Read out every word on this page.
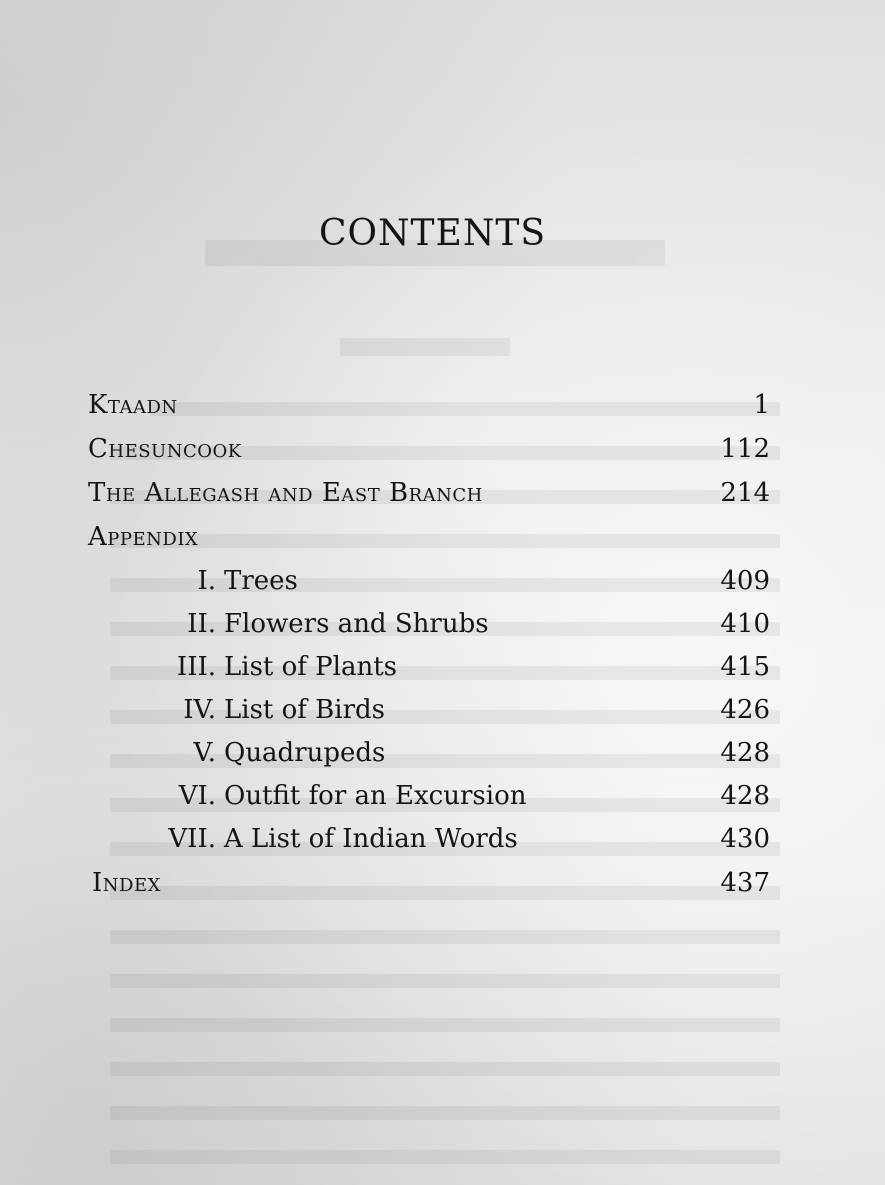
CONTENTS
Ktaadn	1
Chesuncook	112
The Allegash and East Branch	214
Appendix
I. Trees	409
II. Flowers and Shrubs	410
III. List of Plants	415
IV. List of Birds	426
V. Quadrupeds	428
VI. Outfit for an Excursion	428
VII. A List of Indian Words	430
Index	437
